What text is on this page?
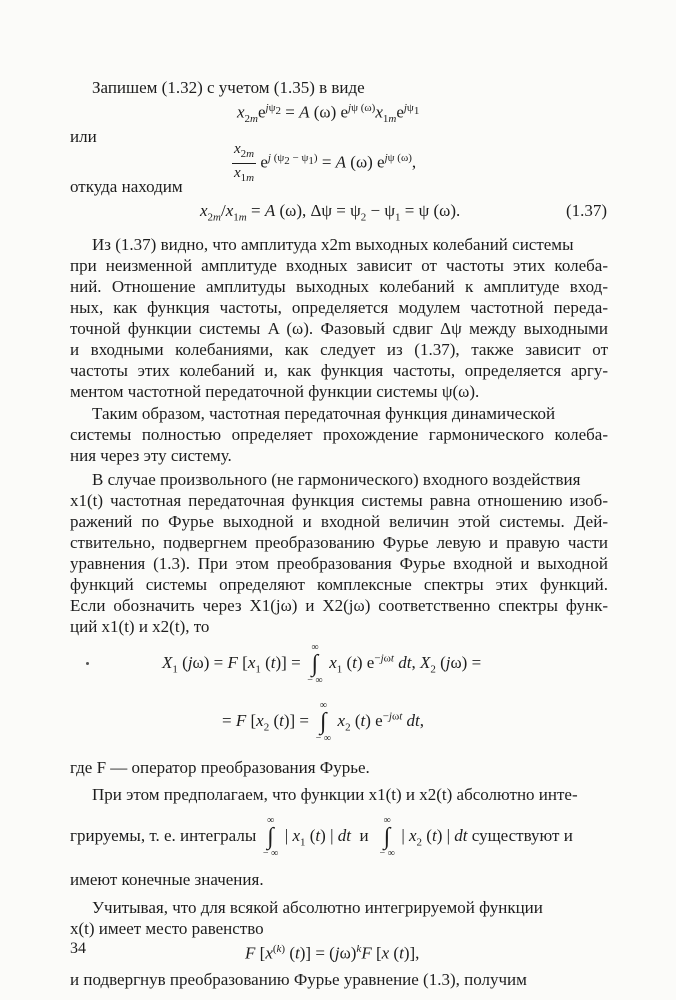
Запишем (1.32) с учетом (1.35) в виде
$x_{2m}e^{j\psi_2} = A$ (ω) $e^{j\psi (\omega)}x_{1m}e^{j\psi_1}$
или
$\frac{x_{2m}}{x_{1m}} e^{j (\psi_2 - \psi_1)} = A$ (ω) $e^{j\psi (\omega)}$,
откуда находим
$x_{2m}/x_{1m} = A$ (ω), $\Delta\psi = \psi_2 - \psi_1 = \psi$ (ω).	(1.37)
Из (1.37) видно, что амплитуда x2m выходных колебаний системы
при неизменной амплитуде входных зависит от частоты этих колеба-
ний. Отношение амплитуды выходных колебаний к амплитуде вход-
ных, как функция частоты, определяется модулем частотной переда-
точной функции системы A (ω). Фазовый сдвиг Δψ между выходными
и входными колебаниями, как следует из (1.37), также зависит от
частоты этих колебаний и, как функция частоты, определяется аргу-
ментом частотной передаточной функции системы ψ(ω).
Таким образом, частотная передаточная функция динамической
системы полностью определяет прохождение гармонического колеба-
ния через эту систему.
В случае произвольного (не гармонического) входного воздействия
x1(t) частотная передаточная функция системы равна отношению изоб-
ражений по Фурье выходной и входной величин этой системы. Дей-
ствительно, подвергнем преобразованию Фурье левую и правую части
уравнения (1.3). При этом преобразования Фурье входной и выходной
функций системы определяют комплексные спектры этих функций.
Если обозначить через X1(jω) и X2(jω) соответственно спектры функ-
ций x1(t) и x2(t), то
$X_1$ (jω) = F [$x_1$ (t)] =
∞
∫
− ∞
$x_1$ (t) $e^{-j\omega t}$ dt, $X_2$ (jω) =
= F [$x_2$ (t)] =
∞
∫
− ∞
$x_2$ (t) $e^{-j\omega t}$ dt,
где F — оператор преобразования Фурье.
При этом предполагаем, что функции x1(t) и x2(t) абсолютно инте-
грируемы, т. е. интегралы
∞
∫
− ∞
| $x_1$ (t) | dt и
∞
∫
− ∞
| $x_2$ (t) | dt существуют и
имеют конечные значения.
Учитывая, что для всякой абсолютно интегрируемой функции
x(t) имеет место равенство
F [$x^{(k)}$ $(t)] = (j\omega)^kF$ [x (t)],
и подвергнув преобразованию Фурье уравнение (1.3), получим
34
